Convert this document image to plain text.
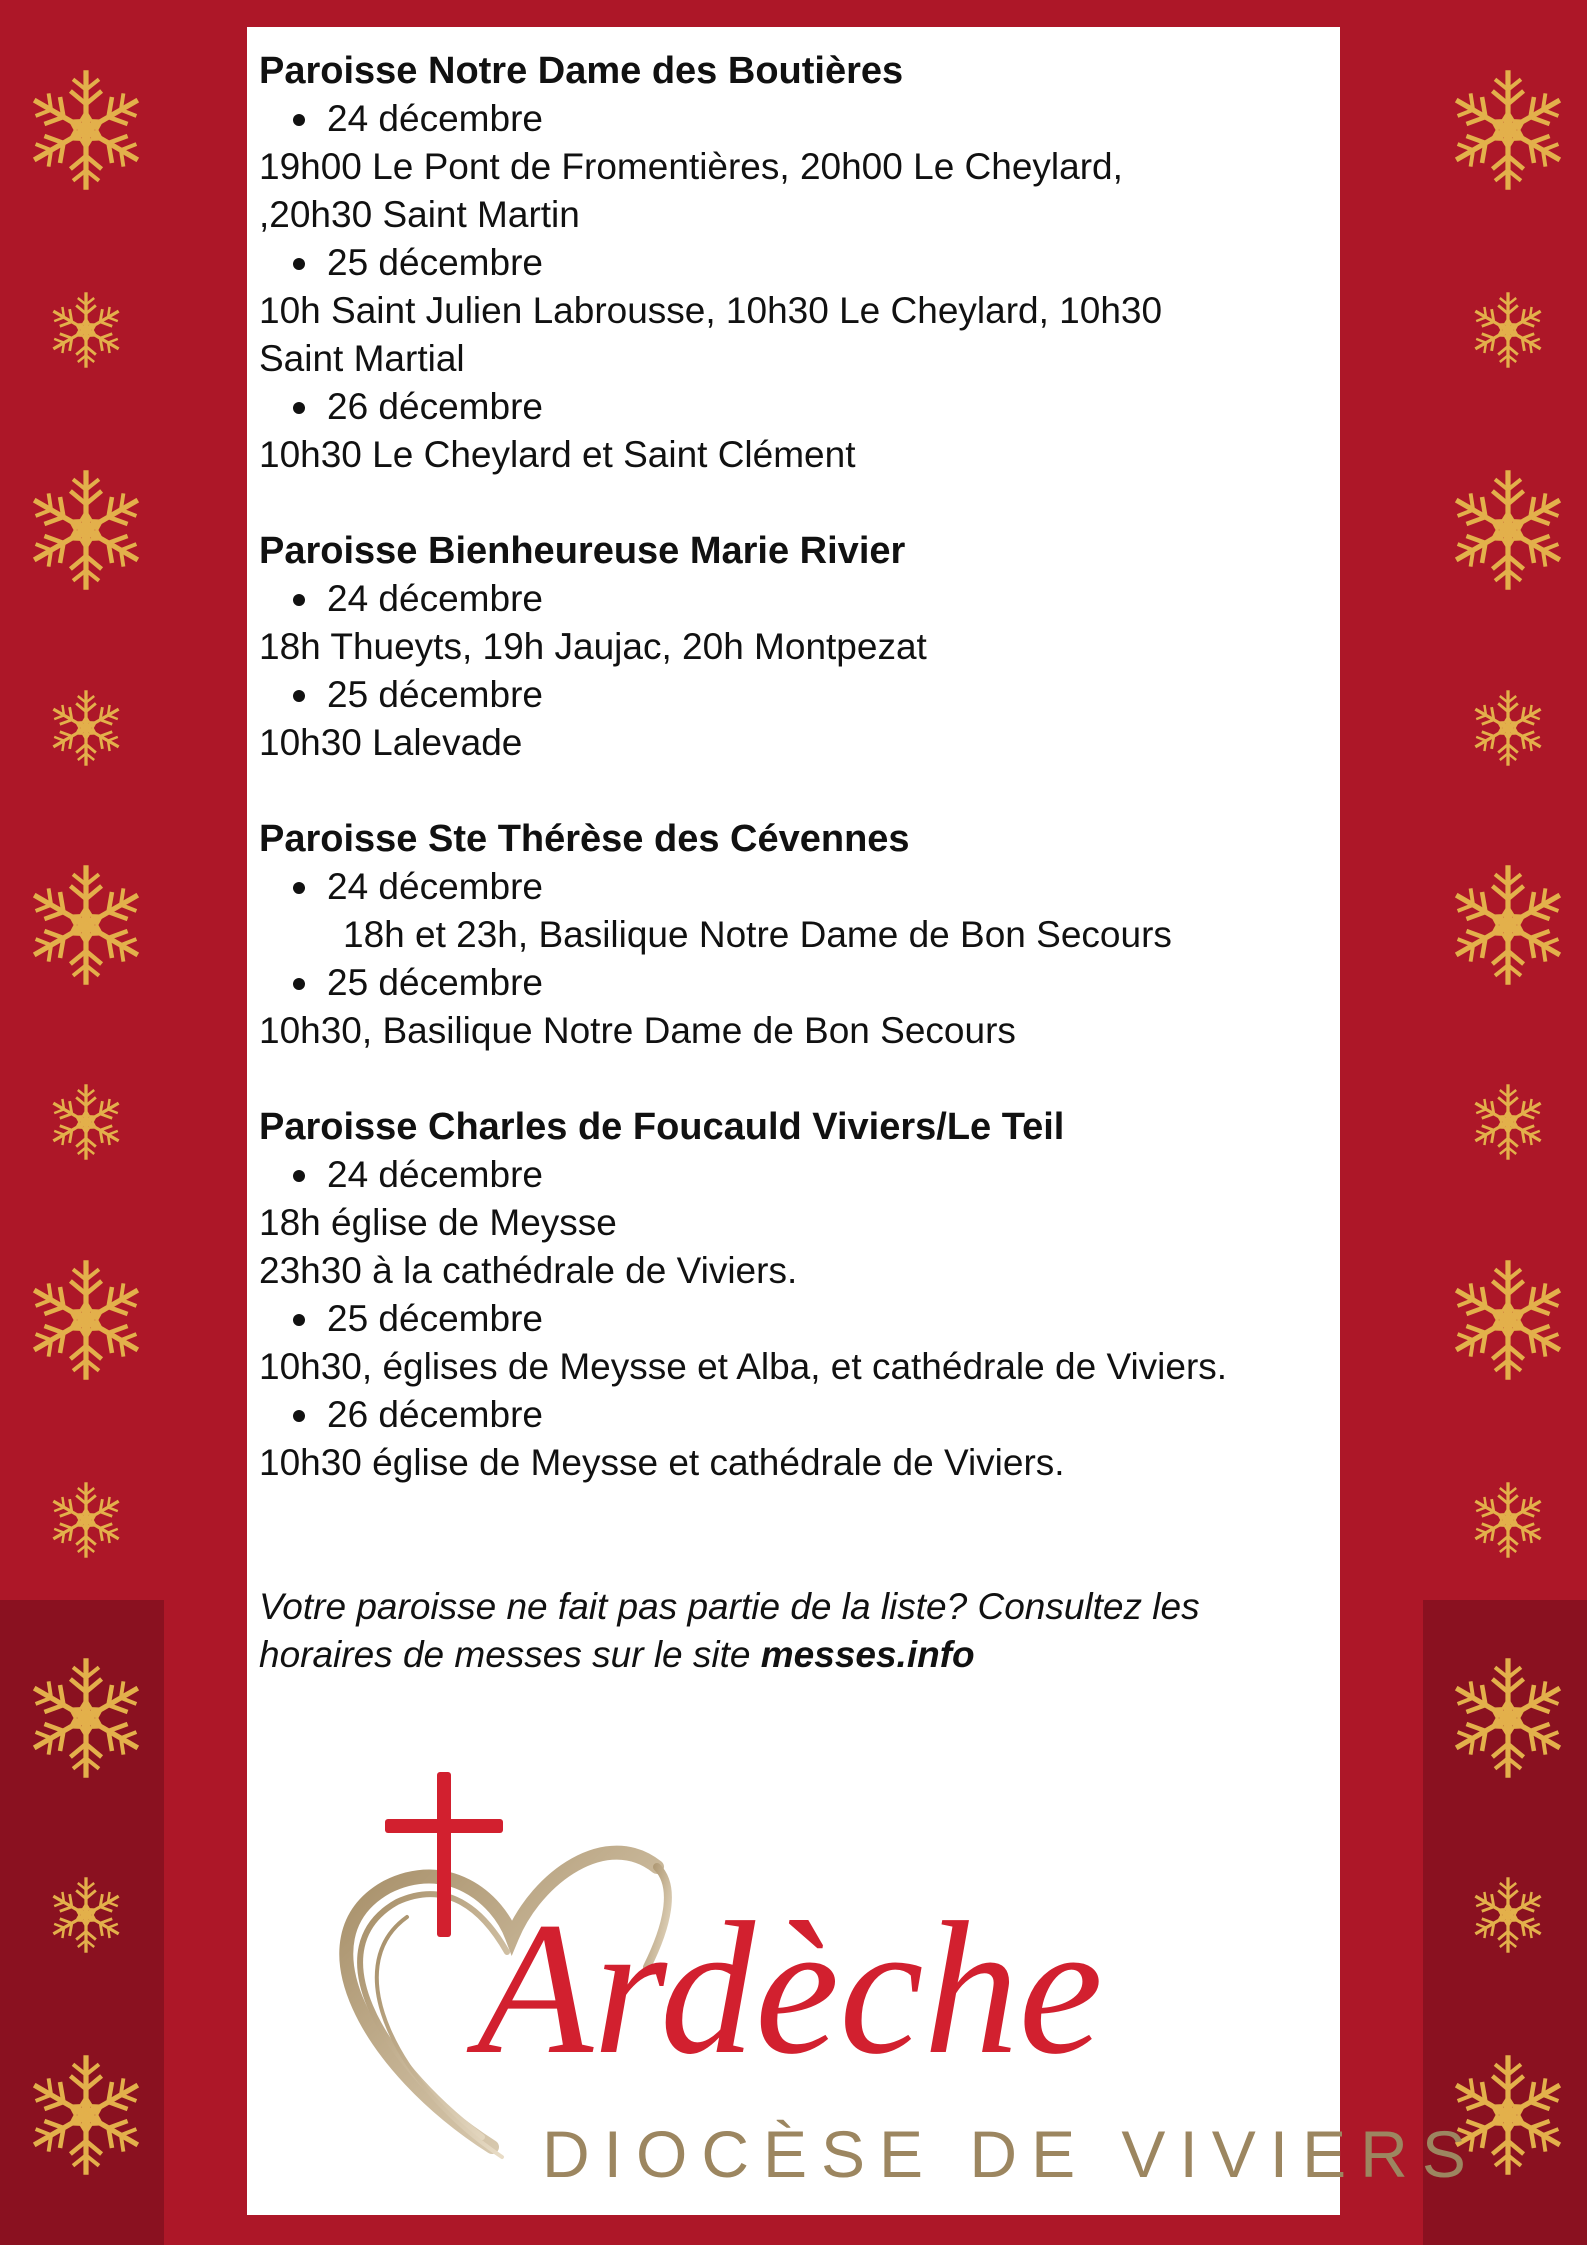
Paroisse Notre Dame des Boutières
24 décembre
19h00 Le Pont de Fromentières, 20h00 Le Cheylard,
,20h30 Saint Martin
25 décembre
10h Saint Julien Labrousse, 10h30 Le Cheylard, 10h30
Saint Martial
26 décembre
10h30 Le Cheylard et Saint Clément
Paroisse Bienheureuse Marie Rivier
24 décembre
18h Thueyts, 19h Jaujac, 20h Montpezat
25 décembre
10h30 Lalevade
Paroisse Ste Thérèse des Cévennes
24 décembre
18h et 23h, Basilique Notre Dame de Bon Secours
25 décembre
10h30, Basilique Notre Dame de Bon Secours
Paroisse Charles de Foucauld Viviers/Le Teil
24 décembre
18h église de Meysse
23h30 à la cathédrale de Viviers.
25 décembre
10h30, églises de Meysse et Alba, et cathédrale de Viviers.
26 décembre
10h30 église de Meysse et cathédrale de Viviers.
Votre paroisse ne fait pas partie de la liste? Consultez les
horaires de messes sur le site messes.info
Ardèche
DIOCÈSE DE VIVIERS
